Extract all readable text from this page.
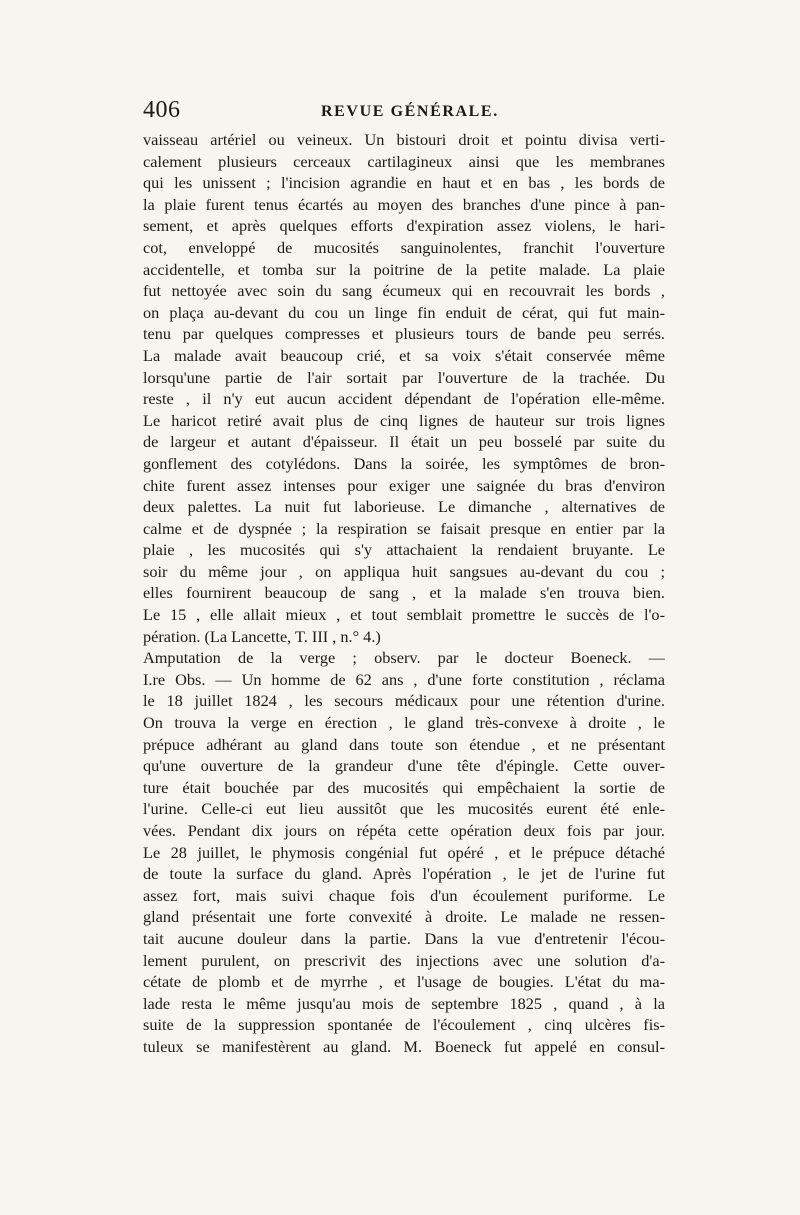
406	REVUE GÉNÉRALE.
vaisseau artériel ou veineux. Un bistouri droit et pointu divisa verti-
calement plusieurs cerceaux cartilagineux ainsi que les membranes
qui les unissent ; l'incision agrandie en haut et en bas , les bords de
la plaie furent tenus écartés au moyen des branches d'une pince à pan-
sement, et après quelques efforts d'expiration assez violens, le hari-
cot, enveloppé de mucosités sanguinolentes, franchit l'ouverture
accidentelle, et tomba sur la poitrine de la petite malade. La plaie
fut nettoyée avec soin du sang écumeux qui en recouvrait les bords ,
on plaça au-devant du cou un linge fin enduit de cérat, qui fut main-
tenu par quelques compresses et plusieurs tours de bande peu serrés.
La malade avait beaucoup crié, et sa voix s'était conservée même
lorsqu'une partie de l'air sortait par l'ouverture de la trachée. Du
reste , il n'y eut aucun accident dépendant de l'opération elle-même.
Le haricot retiré avait plus de cinq lignes de hauteur sur trois lignes
de largeur et autant d'épaisseur. Il était un peu bosselé par suite du
gonflement des cotylédons. Dans la soirée, les symptômes de bron-
chite furent assez intenses pour exiger une saignée du bras d'environ
deux palettes. La nuit fut laborieuse. Le dimanche , alternatives de
calme et de dyspnée ; la respiration se faisait presque en entier par la
plaie , les mucosités qui s'y attachaient la rendaient bruyante. Le
soir du même jour , on appliqua huit sangsues au-devant du cou ;
elles fournirent beaucoup de sang , et la malade s'en trouva bien.
Le 15 , elle allait mieux , et tout semblait promettre le succès de l'o-
pération. (La Lancette, T. III , n.° 4.)
Amputation de la verge ; observ. par le docteur Boeneck. —
I.re Obs. — Un homme de 62 ans , d'une forte constitution , réclama
le 18 juillet 1824 , les secours médicaux pour une rétention d'urine.
On trouva la verge en érection , le gland très-convexe à droite , le
prépuce adhérant au gland dans toute son étendue , et ne présentant
qu'une ouverture de la grandeur d'une tête d'épingle. Cette ouver-
ture était bouchée par des mucosités qui empêchaient la sortie de
l'urine. Celle-ci eut lieu aussitôt que les mucosités eurent été enle-
vées. Pendant dix jours on répéta cette opération deux fois par jour.
Le 28 juillet, le phymosis congénial fut opéré , et le prépuce détaché
de toute la surface du gland. Après l'opération , le jet de l'urine fut
assez fort, mais suivi chaque fois d'un écoulement puriforme. Le
gland présentait une forte convexité à droite. Le malade ne ressen-
tait aucune douleur dans la partie. Dans la vue d'entretenir l'écou-
lement purulent, on prescrivit des injections avec une solution d'a-
cétate de plomb et de myrrhe , et l'usage de bougies. L'état du ma-
lade resta le même jusqu'au mois de septembre 1825 , quand , à la
suite de la suppression spontanée de l'écoulement , cinq ulcères fis-
tuleux se manifestèrent au gland. M. Boeneck fut appelé en consul-
